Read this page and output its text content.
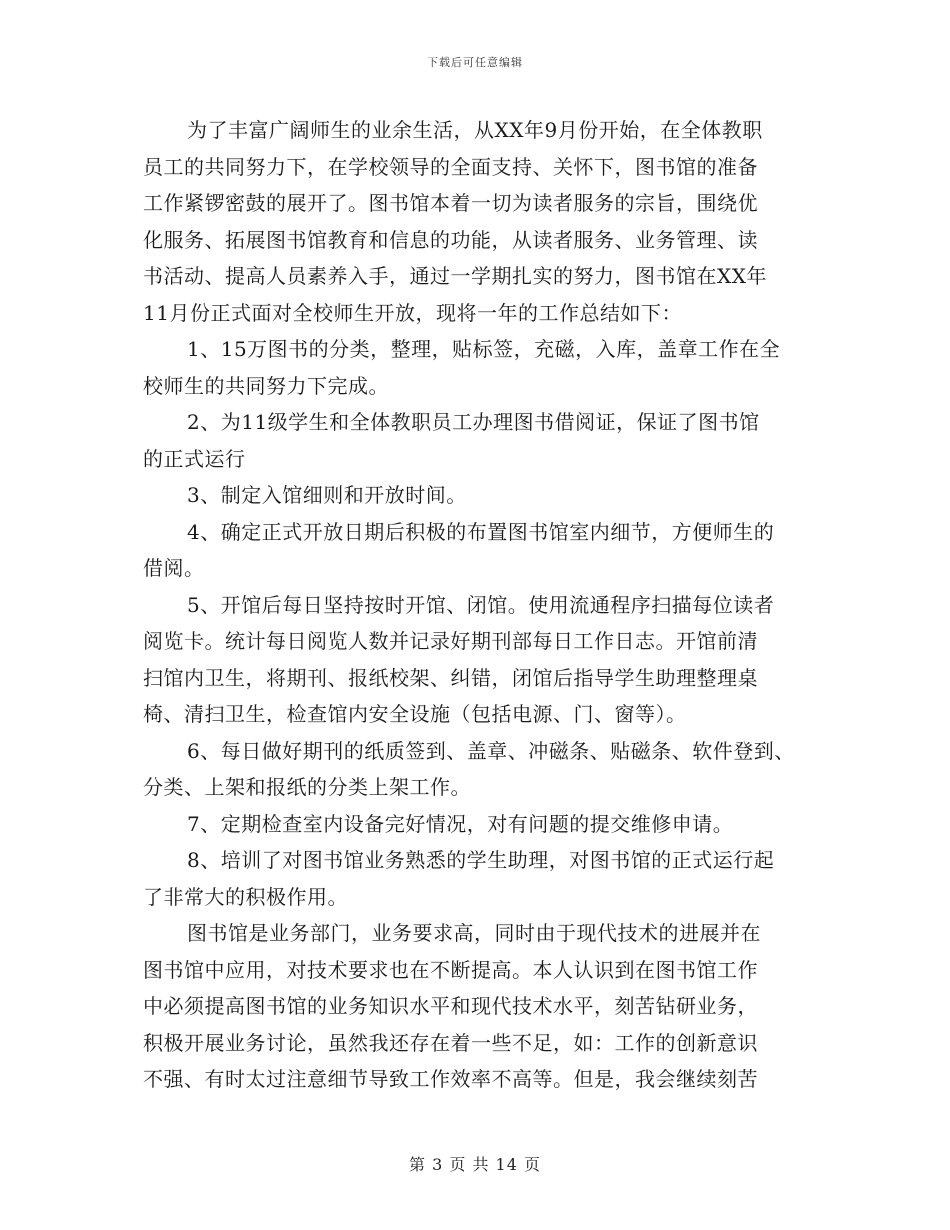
下载后可任意编辑
为了丰富广阔师生的业余生活，从XX年9月份开始，在全体教职
员工的共同努力下，在学校领导的全面支持、关怀下，图书馆的准备
工作紧锣密鼓的展开了。图书馆本着一切为读者服务的宗旨，围绕优
化服务、拓展图书馆教育和信息的功能，从读者服务、业务管理、读
书活动、提高人员素养入手，通过一学期扎实的努力，图书馆在XX年
11月份正式面对全校师生开放，现将一年的工作总结如下：
1、15万图书的分类，整理，贴标签，充磁，入库，盖章工作在全
校师生的共同努力下完成。
2、为11级学生和全体教职员工办理图书借阅证，保证了图书馆
的正式运行
3、制定入馆细则和开放时间。
4、确定正式开放日期后积极的布置图书馆室内细节，方便师生的
借阅。
5、开馆后每日坚持按时开馆、闭馆。使用流通程序扫描每位读者
阅览卡。统计每日阅览人数并记录好期刊部每日工作日志。开馆前清
扫馆内卫生，将期刊、报纸校架、纠错，闭馆后指导学生助理整理桌
椅、清扫卫生，检查馆内安全设施（包括电源、门、窗等）。
6、每日做好期刊的纸质签到、盖章、冲磁条、贴磁条、软件登到、
分类、上架和报纸的分类上架工作。
7、定期检查室内设备完好情况，对有问题的提交维修申请。
8、培训了对图书馆业务熟悉的学生助理，对图书馆的正式运行起
了非常大的积极作用。
图书馆是业务部门，业务要求高，同时由于现代技术的进展并在
图书馆中应用，对技术要求也在不断提高。本人认识到在图书馆工作
中必须提高图书馆的业务知识水平和现代技术水平，刻苦钻研业务，
积极开展业务讨论，虽然我还存在着一些不足，如：工作的创新意识
不强、有时太过注意细节导致工作效率不高等。但是，我会继续刻苦
第 3 页 共 14 页
